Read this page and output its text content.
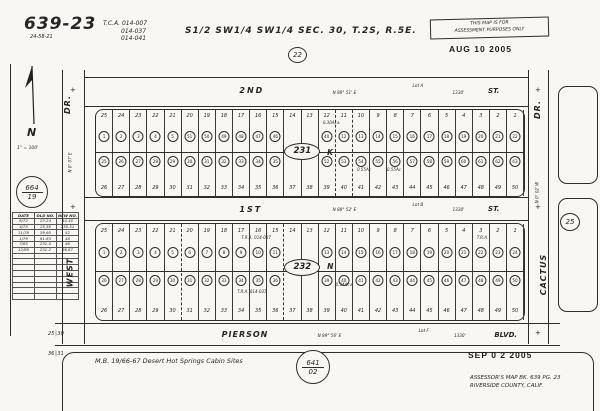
639-23
24-58-21
T.C.A. 014-007
014-037
014-041
S1/2 SW1/4 SW1/4 SEC. 30, T.2S, R.5E.
THIS MAP IS FOR
ASSESSMENT PURPOSES ONLY
AUG 10 2005
22
N
1" = 100'
664
19
DATE	OLD NO.	NEW NO.
6/72	23-24	44-45
4/75	25,56	230-51
11/78	59,60	52
1/79	61-63	48
7/85	231-5	46
12/99	231-2	66,67

DR.
WEST
N 0° 07' E
DR.
CACTUS
N 0° 02' W
2ND	N 89° 51' E
Lot A
1330'	ST.
1ST	N 89° 52' E
Lot B
1330'	ST.
PIERSON	N 89° 56' E
Lot F
1330'	BLVD.
+
+
+
+
+
25
1
25
26
24
2
26
27
23
3
27
28
22
4
28
29
21
5
29
30
20
51
30
31
19
50
31
32
18
49
32
33
17
48
33
34
16
47
34
35
15
46
35
36
14
37
13
38
12
40
52
39
11
12
53
40
10
13
54
41
9
14
55
42
8
15
56
43
7
16
57
44
6
17
58
45
5
18
59
46
4
19
60
47
3
20
61
48
2
21
62
49
1
22
63
50
231	K
0.30Ac±
0.55Ac	0.55Ac
25
1
26
26
24
2
27
27
23
3
28
28
22
4
29
29
21
5
30
30
20
6
31
31
19
7
32
32
18
8
33
33
17
9
34
34
16
10
35
35
15
11
36
36
14
37
13
38
12
13
39
39
11
14
40
40
10
15
41
41
9
16
42
42
8
17
43
43
7
18
44
44
6
19
45
45
5
20
46
46
4
21
47
47
3
22
48
48
2
23
49
49
1
24
50
50
232	N
T.R.A. 014-007
T.R.A. 014-037
0.34Ac±
T.R.A.
25

25│30

36│31

M.B. 19/66-67 Desert Hot Springs Cabin Sites	641
02
SEP 0 2 2005
ASSESSOR'S MAP BK. 639 PG. 23
RIVERSIDE COUNTY, CALIF.
